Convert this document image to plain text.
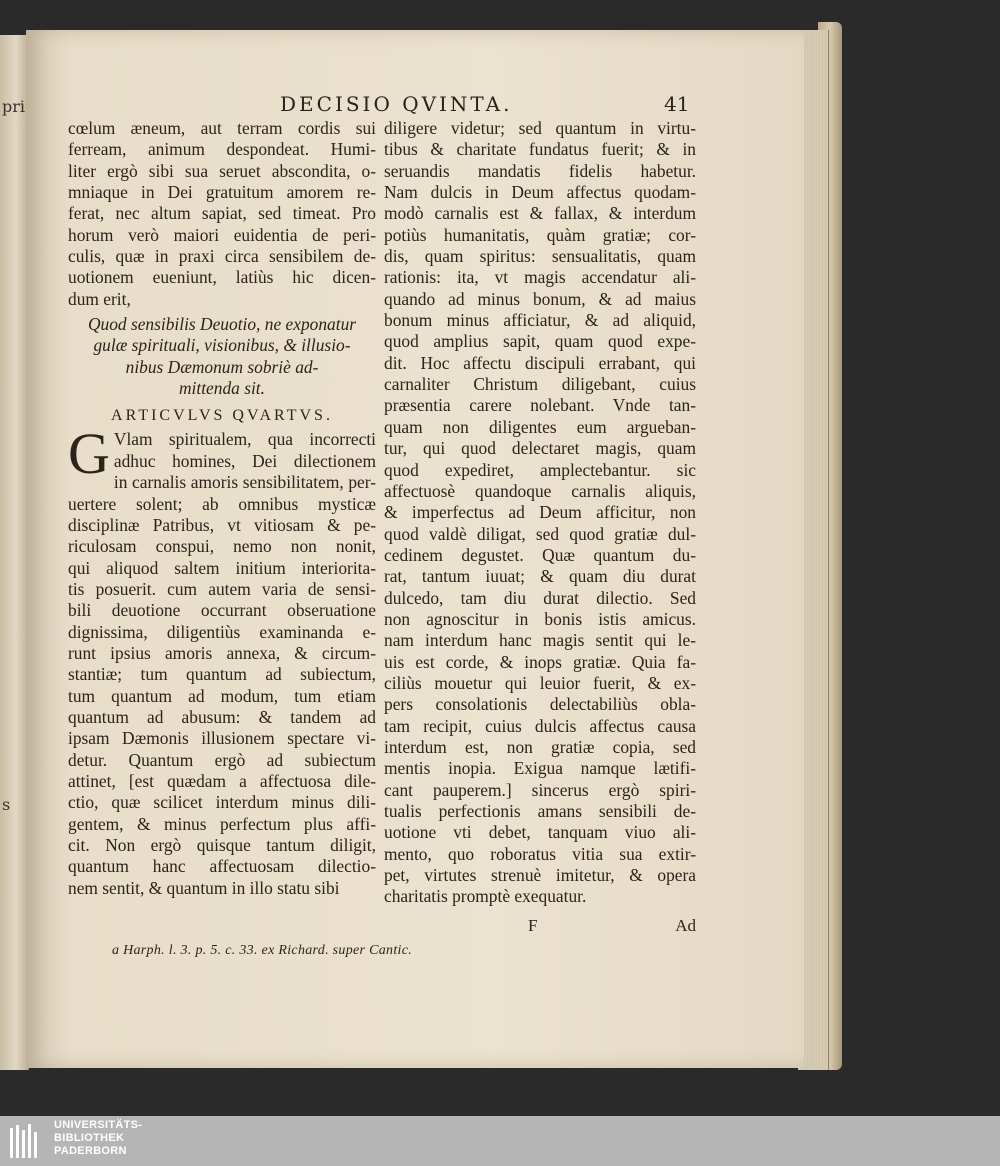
pri
s
DECISIO QVINTA.	41
cœlum æneum, aut terram cordis sui
ferream, animum despondeat. Humi-
liter ergò sibi sua seruet abscondita, o-
mniaque in Dei gratuitum amorem re-
ferat, nec altum sapiat, sed timeat. Pro
horum verò maiori euidentia de peri-
culis, quæ in praxi circa sensibilem de-
uotionem eueniunt, latiùs hic dicen-
dum erit,
Quod sensibilis Deuotio, ne exponatur
gulæ spirituali, visionibus, & illusio-
nibus Dæmonum sobriè ad-
mittenda sit.
ARTICVLVS QVARTVS.
G Vlam spiritualem, qua incorrecti
adhuc homines, Dei dilectionem
in carnalis amoris sensibilitatem, per-
uertere solent; ab omnibus mysticæ
disciplinæ Patribus, vt vitiosam & pe-
riculosam conspui, nemo non nonit,
qui aliquod saltem initium interiorita-
tis posuerit. cum autem varia de sensi-
bili deuotione occurrant obseruatione
dignissima, diligentiùs examinanda e-
runt ipsius amoris annexa, & circum-
stantiæ; tum quantum ad subiectum,
tum quantum ad modum, tum etiam
quantum ad abusum: & tandem ad
ipsam Dæmonis illusionem spectare vi-
detur. Quantum ergò ad subiectum
attinet, [est quædam a affectuosa dile-
ctio, quæ scilicet interdum minus dili-
gentem, & minus perfectum plus affi-
cit. Non ergò quisque tantum diligit,
quantum hanc affectuosam dilectio-
nem sentit, & quantum in illo statu sibi
diligere videtur; sed quantum in virtu-
tibus & charitate fundatus fuerit; & in
seruandis mandatis fidelis habetur.
Nam dulcis in Deum affectus quodam-
modò carnalis est & fallax, & interdum
potiùs humanitatis, quàm gratiæ; cor-
dis, quam spiritus: sensualitatis, quam
rationis: ita, vt magis accendatur ali-
quando ad minus bonum, & ad maius
bonum minus afficiatur, & ad aliquid,
quod amplius sapit, quam quod expe-
dit. Hoc affectu discipuli errabant, qui
carnaliter Christum diligebant, cuius
præsentia carere nolebant. Vnde tan-
quam non diligentes eum argueban-
tur, qui quod delectaret magis, quam
quod expediret, amplectebantur. sic
affectuosè quandoque carnalis aliquis,
& imperfectus ad Deum afficitur, non
quod valdè diligat, sed quod gratiæ dul-
cedinem degustet. Quæ quantum du-
rat, tantum iuuat; & quam diu durat
dulcedo, tam diu durat dilectio. Sed
non agnoscitur in bonis istis amicus.
nam interdum hanc magis sentit qui le-
uis est corde, & inops gratiæ. Quia fa-
ciliùs mouetur qui leuior fuerit, & ex-
pers consolationis delectabiliùs obla-
tam recipit, cuius dulcis affectus causa
interdum est, non gratiæ copia, sed
mentis inopia. Exigua namque lætifi-
cant pauperem.] sincerus ergò spiri-
tualis perfectionis amans sensibili de-
uotione vti debet, tanquam viuo ali-
mento, quo roboratus vitia sua extir-
pet, virtutes strenuè imitetur, & opera
charitatis promptè exequatur.
F	Ad
a Harph. l. 3. p. 5. c. 33. ex Richard. super Cantic.
UNIVERSITÄTS-
BIBLIOTHEK
PADERBORN
